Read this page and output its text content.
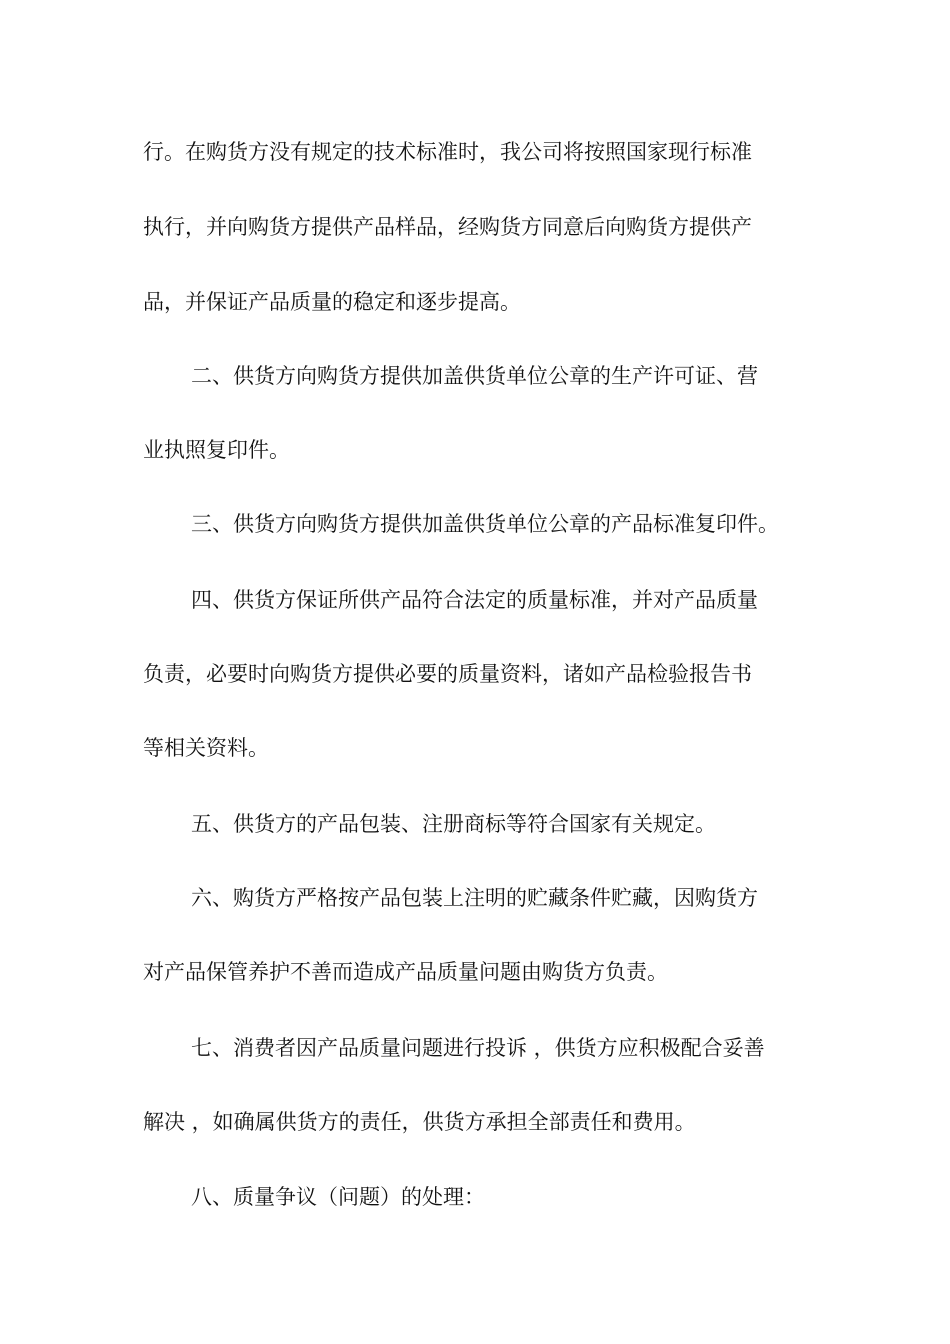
行。在购货方没有规定的技术标准时，我公司将按照国家现行标准
执行，并向购货方提供产品样品，经购货方同意后向购货方提供产
品，并保证产品质量的稳定和逐步提高。
二、供货方向购货方提供加盖供货单位公章的生产许可证、营
业执照复印件。
三、供货方向购货方提供加盖供货单位公章的产品标准复印件。
四、供货方保证所供产品符合法定的质量标准，并对产品质量
负责，必要时向购货方提供必要的质量资料，诸如产品检验报告书
等相关资料。
五、供货方的产品包装、注册商标等符合国家有关规定。
六、购货方严格按产品包装上注明的贮藏条件贮藏，因购货方
对产品保管养护不善而造成产品质量问题由购货方负责。
七、消费者因产品质量问题进行投诉 ，供货方应积极配合妥善
解决 ，如确属供货方的责任，供货方承担全部责任和费用。
八、质量争议（问题）的处理：
